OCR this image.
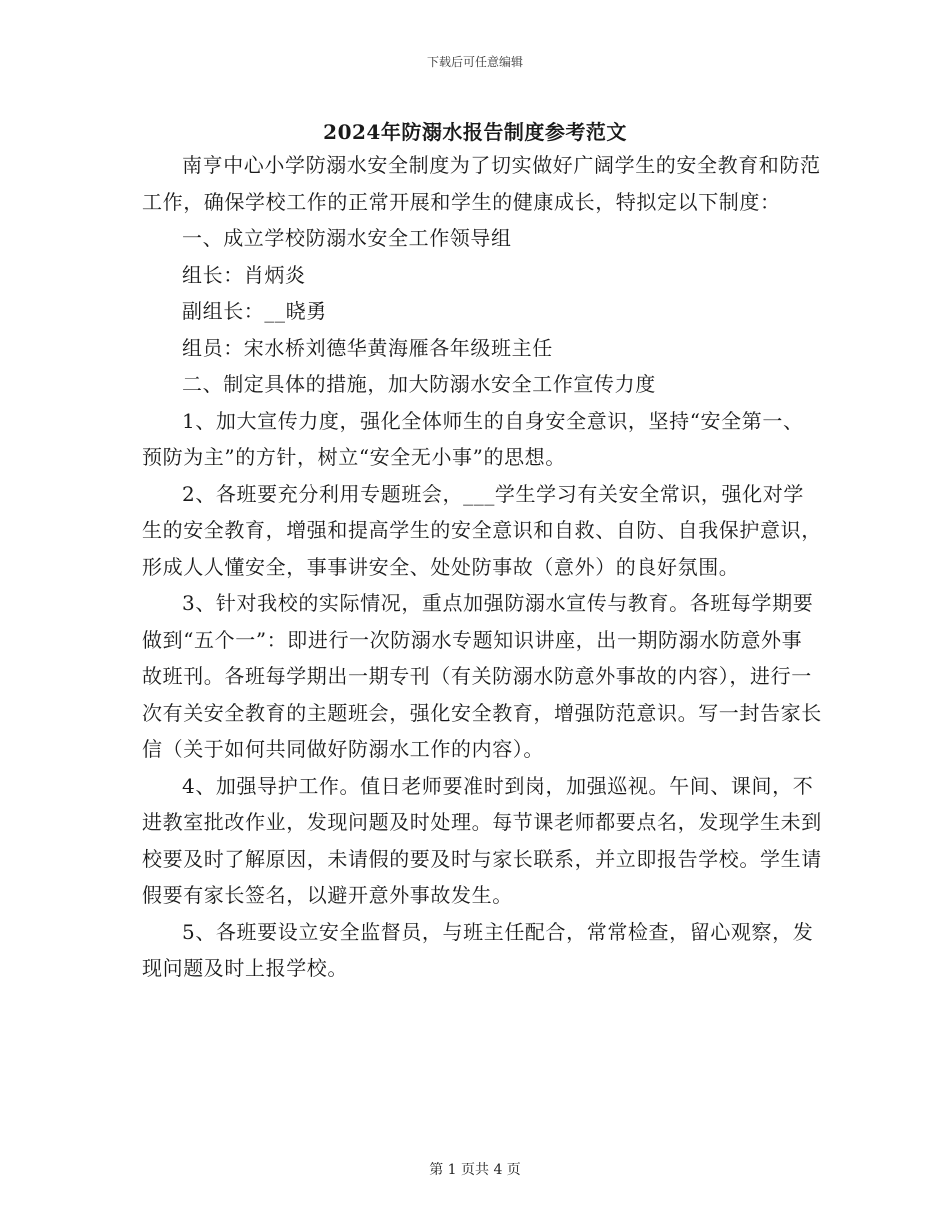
下载后可任意编辑
2024年防溺水报告制度参考范文

南亨中心小学防溺水安全制度为了切实做好广阔学生的安全教育和防范工作，确保学校工作的正常开展和学生的健康成长，特拟定以下制度：

一、成立学校防溺水安全工作领导组

组长：肖炳炎

副组长：__晓勇

组员：宋水桥刘德华黄海雁各年级班主任

二、制定具体的措施，加大防溺水安全工作宣传力度

1、加大宣传力度，强化全体师生的自身安全意识，坚持“安全第一、预防为主”的方针，树立“安全无小事”的思想。

2、各班要充分利用专题班会，___学生学习有关安全常识，强化对学生的安全教育，增强和提高学生的安全意识和自救、自防、自我保护意识，形成人人懂安全，事事讲安全、处处防事故（意外）的良好氛围。

3、针对我校的实际情况，重点加强防溺水宣传与教育。各班每学期要做到“五个一”：即进行一次防溺水专题知识讲座，出一期防溺水防意外事故班刊。各班每学期出一期专刊（有关防溺水防意外事故的内容），进行一次有关安全教育的主题班会，强化安全教育，增强防范意识。写一封告家长信（关于如何共同做好防溺水工作的内容）。

4、加强导护工作。值日老师要准时到岗，加强巡视。午间、课间，不进教室批改作业，发现问题及时处理。每节课老师都要点名，发现学生未到校要及时了解原因，未请假的要及时与家长联系，并立即报告学校。学生请假要有家长签名，以避开意外事故发生。

5、各班要设立安全监督员，与班主任配合，常常检查，留心观察，发现问题及时上报学校。

第 1 页共 4 页
